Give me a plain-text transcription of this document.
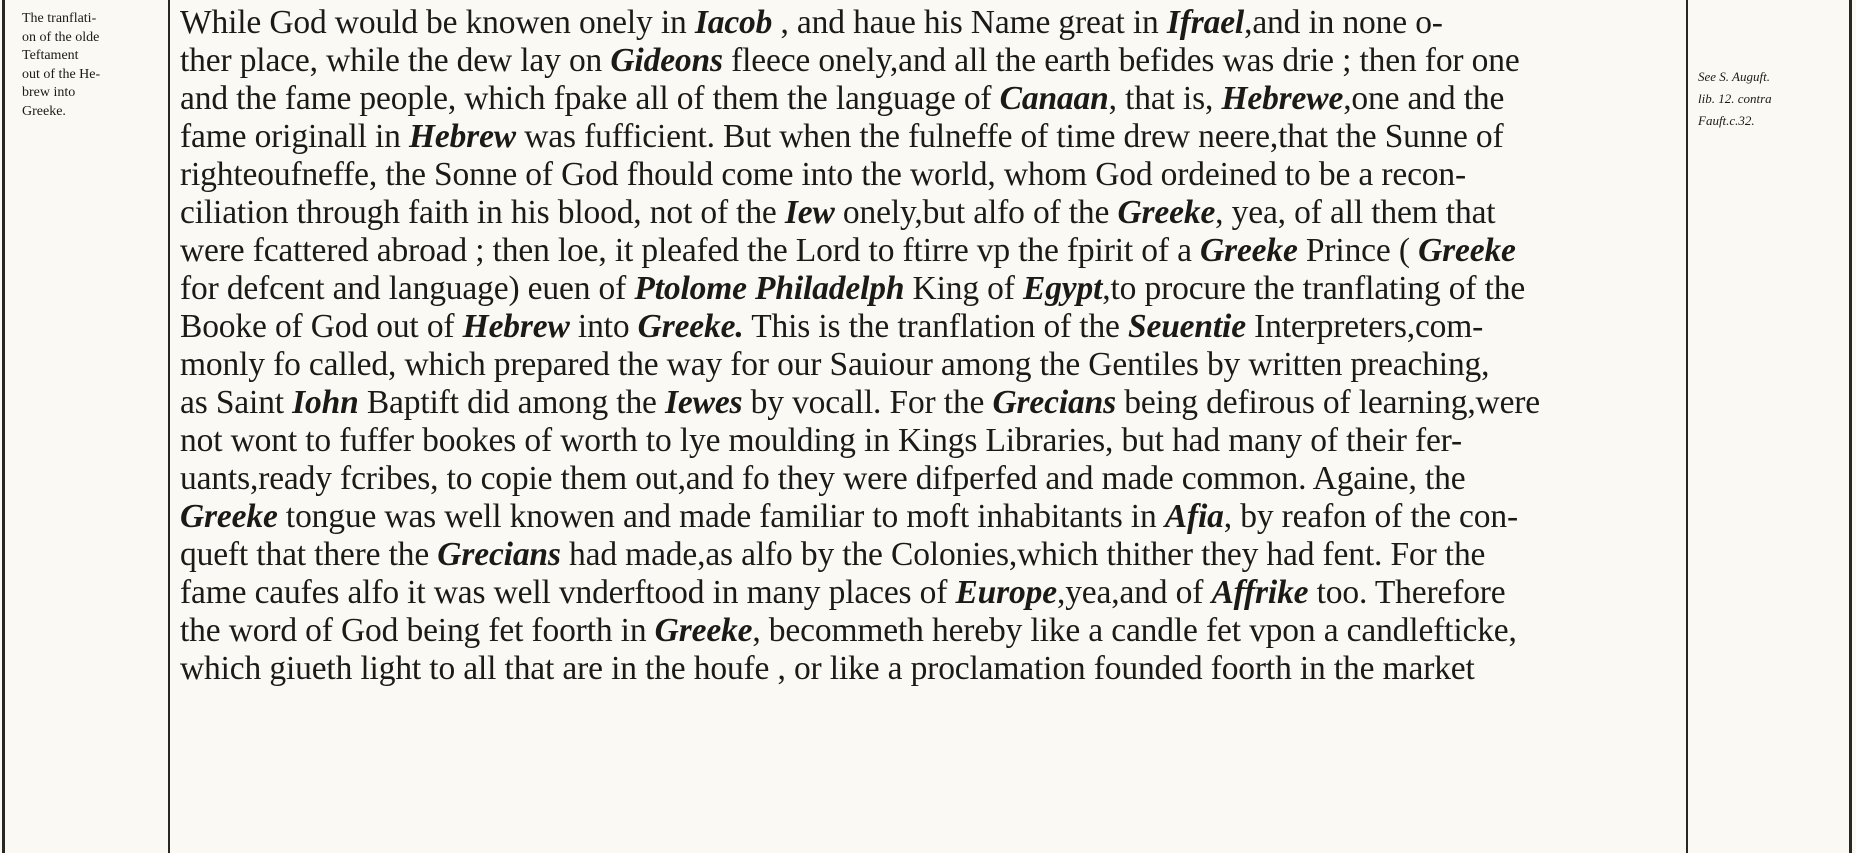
The tranflati-
on of the olde
Teftament
out of the He-
brew into
Greeke.
See S. Auguft.
lib. 12. contra
Fauft.c.32.
While God would be knowen onely in Iacob , and haue his Name great in Ifrael,and in none o-
ther place, while the dew lay on Gideons fleece onely,and all the earth befides was drie ; then for one
and the fame people, which fpake all of them the language of Canaan, that is, Hebrewe,one and the
fame originall in Hebrew was fufficient. But when the fulneffe of time drew neere,that the Sunne of
righteoufneffe, the Sonne of God fhould come into the world, whom God ordeined to be a recon-
ciliation through faith in his blood, not of the Iew onely,but alfo of the Greeke, yea, of all them that
were fcattered abroad ; then loe, it pleafed the Lord to ftirre vp the fpirit of a Greeke Prince ( Greeke
for defcent and language) euen of Ptolome Philadelph King of Egypt,to procure the tranflating of the
Booke of God out of Hebrew into Greeke. This is the tranflation of the Seuentie Interpreters,com-
monly fo called, which prepared the way for our Sauiour among the Gentiles by written preaching,
as Saint Iohn Baptift did among the Iewes by vocall. For the Grecians being defirous of learning,were
not wont to fuffer bookes of worth to lye moulding in Kings Libraries, but had many of their fer-
uants,ready fcribes, to copie them out,and fo they were difperfed and made common. Againe, the
Greeke tongue was well knowen and made familiar to moft inhabitants in Afia, by reafon of the con-
queft that there the Grecians had made,as alfo by the Colonies,which thither they had fent. For the
fame caufes alfo it was well vnderftood in many places of Europe,yea,and of Affrike too. Therefore
the word of God being fet foorth in Greeke, becommeth hereby like a candle fet vpon a candlefticke,
which giueth light to all that are in the houfe , or like a proclamation founded foorth in the market
